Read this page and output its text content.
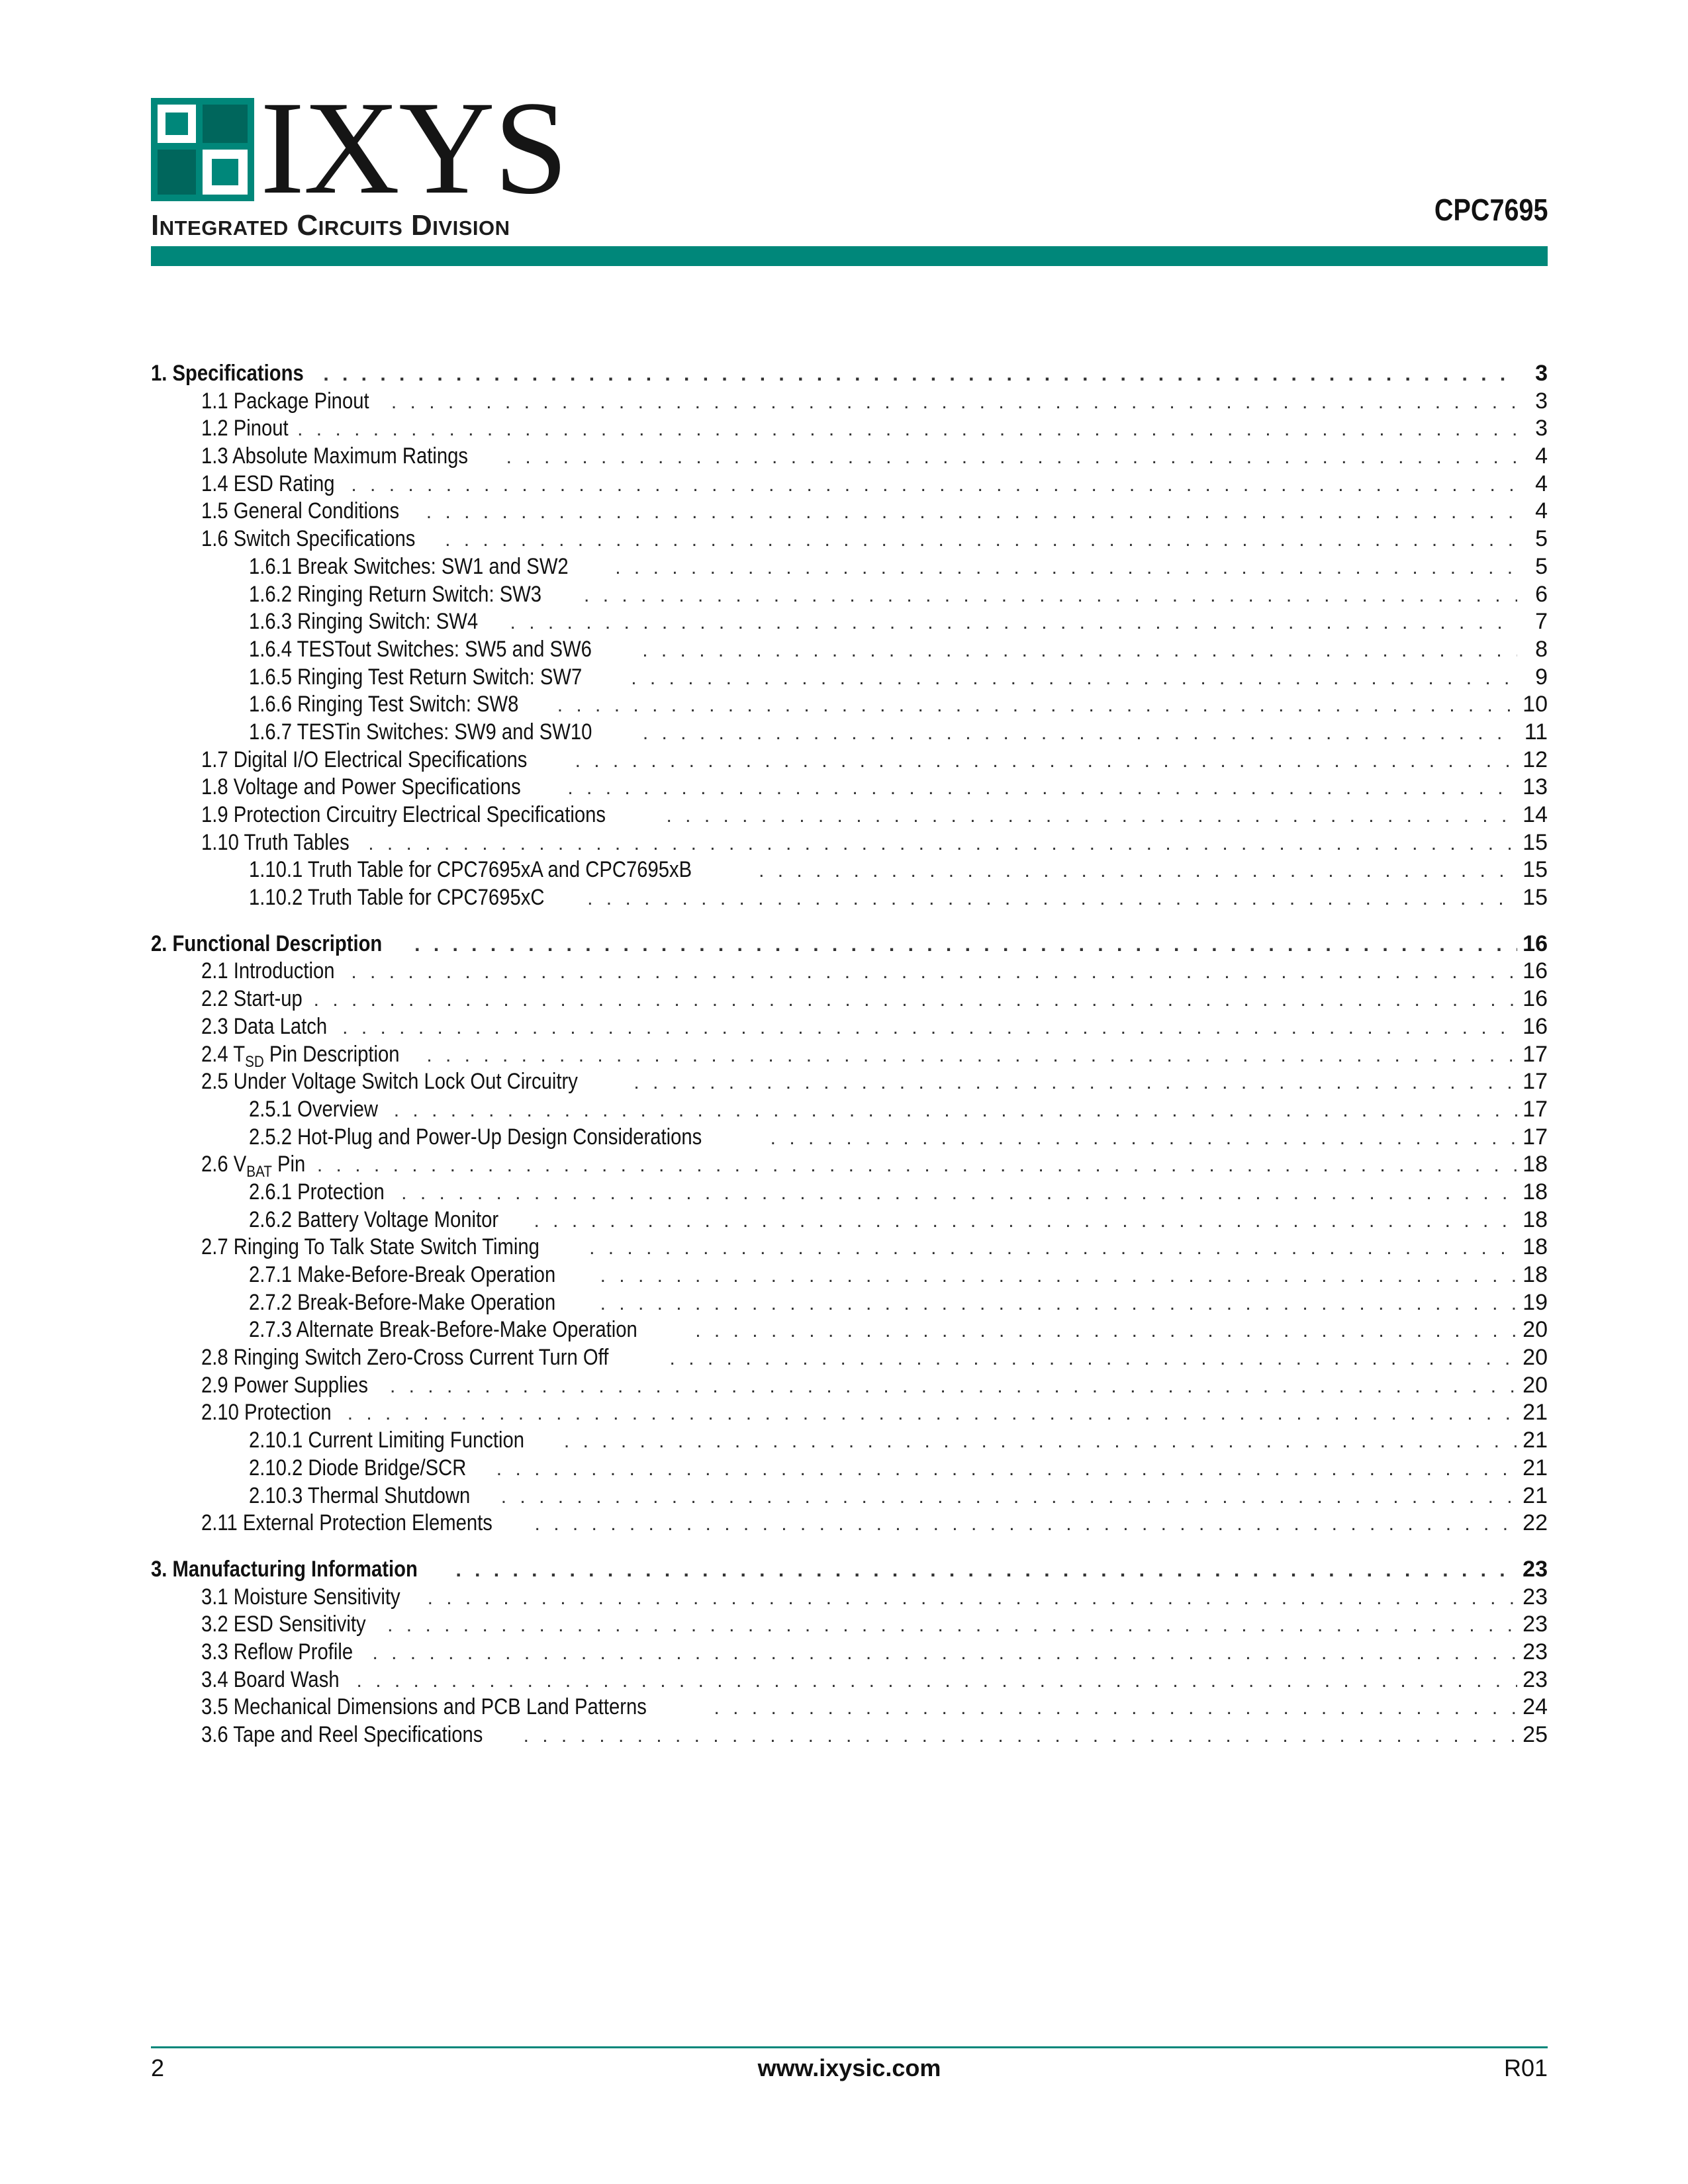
IXYS
Integrated Circuits Division	CPC7695
1. Specifications . . .	3
1.1 Package Pinout . . .	3
1.2 Pinout . . .	3
1.3 Absolute Maximum Ratings . . .	4
1.4 ESD Rating . . .	4
1.5 General Conditions . . .	4
1.6 Switch Specifications . . .	5
1.6.1 Break Switches: SW1 and SW2 . . .	5
1.6.2 Ringing Return Switch: SW3 . . .	6
1.6.3 Ringing Switch: SW4 . . .	7
1.6.4 TESTout Switches: SW5 and SW6 . . .	8
1.6.5 Ringing Test Return Switch: SW7 . . .	9
1.6.6 Ringing Test Switch: SW8 . . .	10
1.6.7 TESTin Switches: SW9 and SW10 . . .	11
1.7 Digital I/O Electrical Specifications . . .	12
1.8 Voltage and Power Specifications . . .	13
1.9 Protection Circuitry Electrical Specifications . . .	14
1.10 Truth Tables . . .	15
1.10.1 Truth Table for CPC7695xA and CPC7695xB . . .	15
1.10.2 Truth Table for CPC7695xC . . .	15
2. Functional Description . . .	16
2.1 Introduction . . .	16
2.2 Start-up . . .	16
2.3 Data Latch . . .	16
2.4 $T_{SD}$ Pin Description . . .	17
2.5 Under Voltage Switch Lock Out Circuitry . . .	17
2.5.1 Overview . . .	17
2.5.2 Hot-Plug and Power-Up Design Considerations . . .	17
2.6 $V_{BAT}$ Pin . . .	18
2.6.1 Protection . . .	18
2.6.2 Battery Voltage Monitor . . .	18
2.7 Ringing To Talk State Switch Timing . . .	18
2.7.1 Make-Before-Break Operation . . .	18
2.7.2 Break-Before-Make Operation . . .	19
2.7.3 Alternate Break-Before-Make Operation . . .	20
2.8 Ringing Switch Zero-Cross Current Turn Off . . .	20
2.9 Power Supplies . . .	20
2.10 Protection . . .	21
2.10.1 Current Limiting Function . . .	21
2.10.2 Diode Bridge/SCR . . .	21
2.10.3 Thermal Shutdown . . .	21
2.11 External Protection Elements . . .	22
3. Manufacturing Information . . .	23
3.1 Moisture Sensitivity . . .	23
3.2 ESD Sensitivity . . .	23
3.3 Reflow Profile . . .	23
3.4 Board Wash . . .	23
3.5 Mechanical Dimensions and PCB Land Patterns . . .	24
3.6 Tape and Reel Specifications . . .	25
2	www.ixysic.com	R01
